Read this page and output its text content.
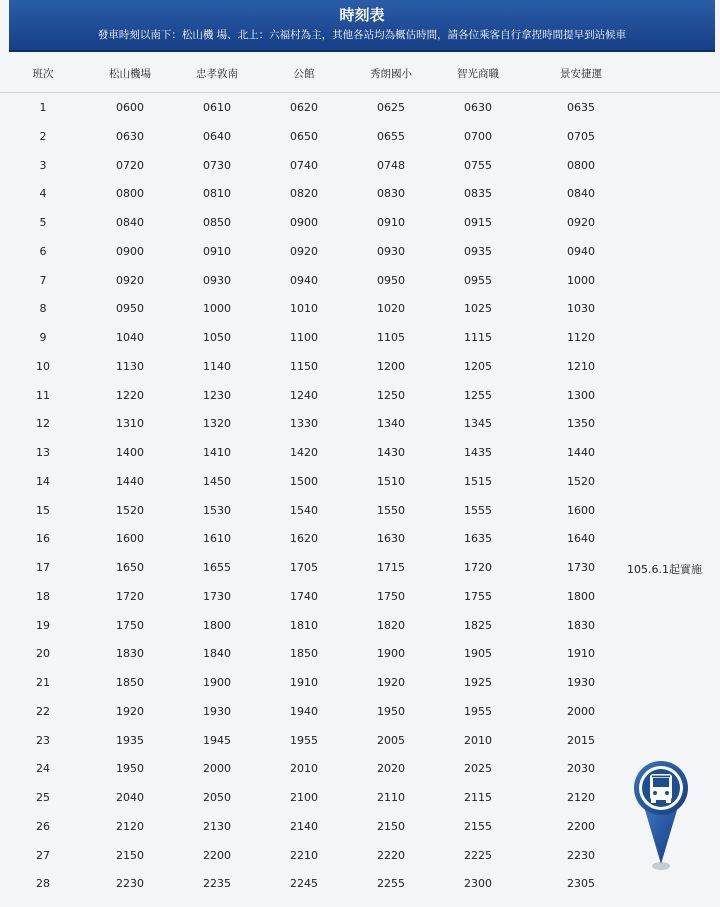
時刻表
發車時刻以南下：松山機 場、北上：六福村為主，其他各站均為概估時間，請各位乘客自行拿捏時間提早到站候車
班次	松山機場	忠孝敦南	公館	秀朗國小	智光商職	景安捷運
1	0600	0610	0620	0625	0630	0635
2	0630	0640	0650	0655	0700	0705
3	0720	0730	0740	0748	0755	0800
4	0800	0810	0820	0830	0835	0840
5	0840	0850	0900	0910	0915	0920
6	0900	0910	0920	0930	0935	0940
7	0920	0930	0940	0950	0955	1000
8	0950	1000	1010	1020	1025	1030
9	1040	1050	1100	1105	1115	1120
10	1130	1140	1150	1200	1205	1210
11	1220	1230	1240	1250	1255	1300
12	1310	1320	1330	1340	1345	1350
13	1400	1410	1420	1430	1435	1440
14	1440	1450	1500	1510	1515	1520
15	1520	1530	1540	1550	1555	1600
16	1600	1610	1620	1630	1635	1640
17	1650	1655	1705	1715	1720	1730	105.6.1起實施
18	1720	1730	1740	1750	1755	1800
19	1750	1800	1810	1820	1825	1830
20	1830	1840	1850	1900	1905	1910
21	1850	1900	1910	1920	1925	1930
22	1920	1930	1940	1950	1955	2000
23	1935	1945	1955	2005	2010	2015
24	1950	2000	2010	2020	2025	2030
25	2040	2050	2100	2110	2115	2120
26	2120	2130	2140	2150	2155	2200
27	2150	2200	2210	2220	2225	2230
28	2230	2235	2245	2255	2300	2305
